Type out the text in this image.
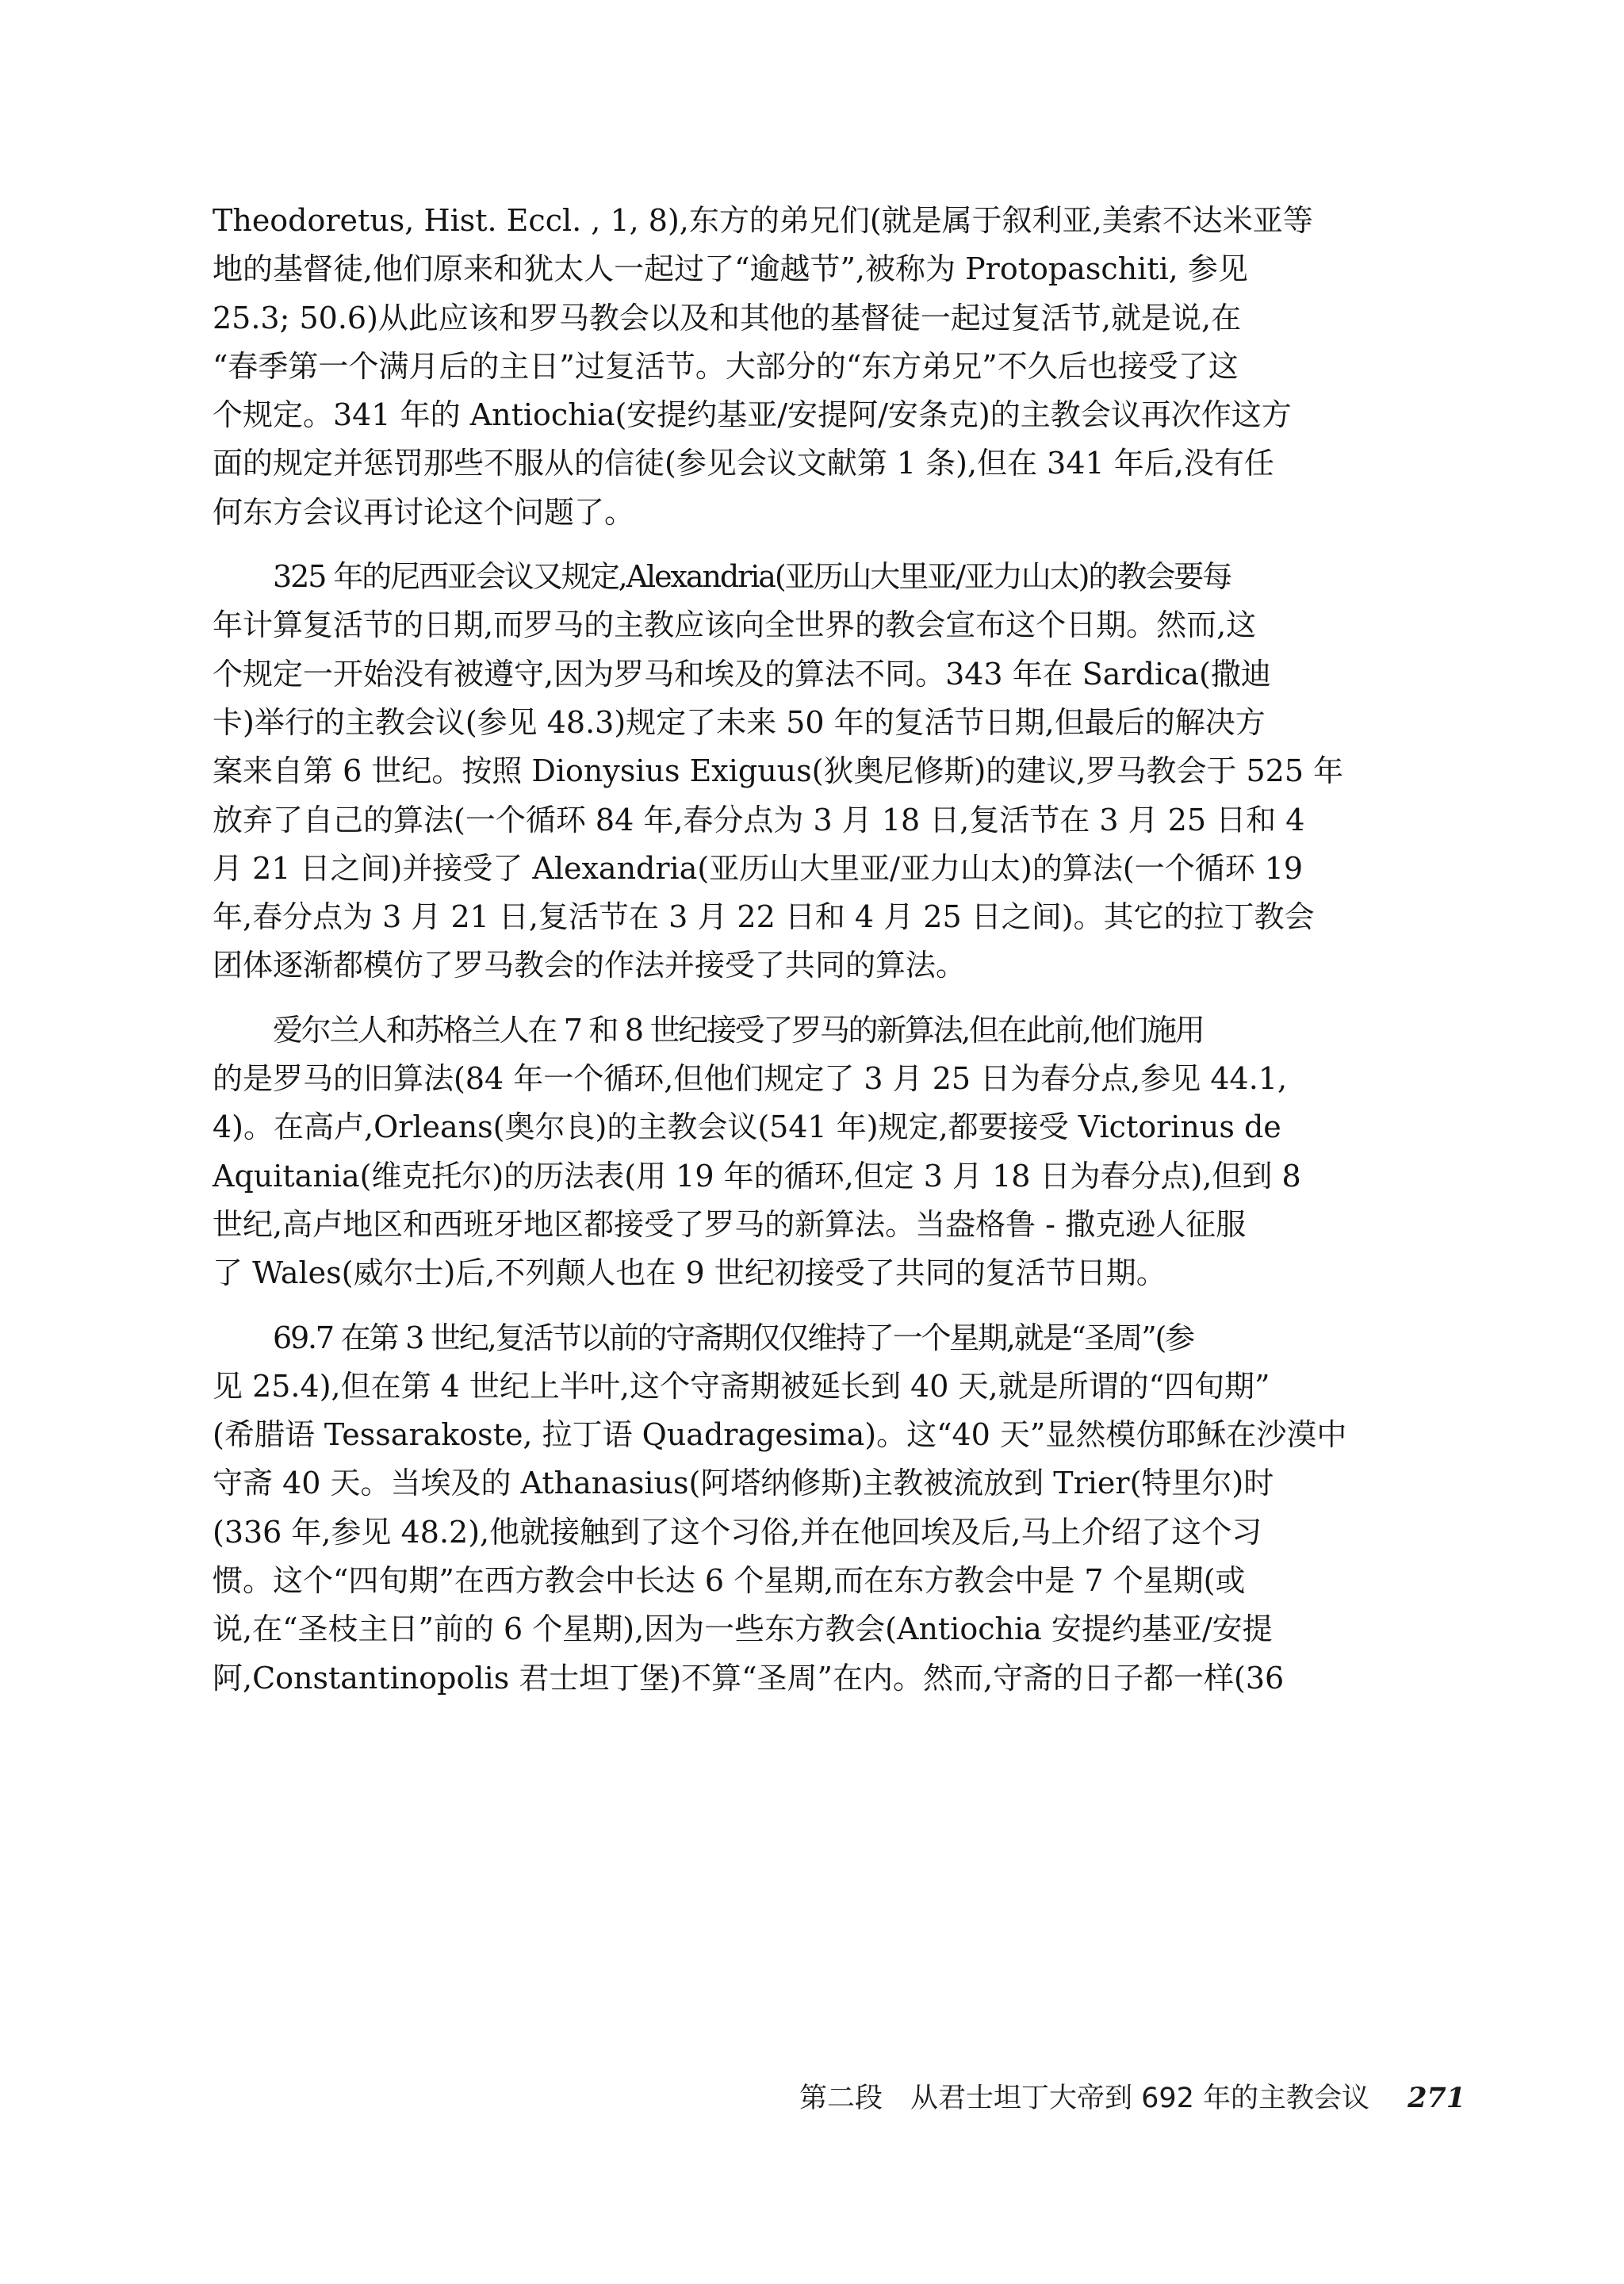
Theodoretus, Hist. Eccl. , 1, 8),东方的弟兄们(就是属于叙利亚,美索不达米亚等
地的基督徒,他们原来和犹太人一起过了“逾越节”,被称为 Protopaschiti, 参见
25.3; 50.6)从此应该和罗马教会以及和其他的基督徒一起过复活节,就是说,在
“春季第一个满月后的主日”过复活节。大部分的“东方弟兄”不久后也接受了这
个规定。341 年的 Antiochia(安提约基亚/安提阿/安条克)的主教会议再次作这方
面的规定并惩罚那些不服从的信徒(参见会议文献第 1 条),但在 341 年后,没有任
何东方会议再讨论这个问题了。
325 年的尼西亚会议又规定,Alexandria(亚历山大里亚/亚力山太)的教会要每
年计算复活节的日期,而罗马的主教应该向全世界的教会宣布这个日期。然而,这
个规定一开始没有被遵守,因为罗马和埃及的算法不同。343 年在 Sardica(撒迪
卡)举行的主教会议(参见 48.3)规定了未来 50 年的复活节日期,但最后的解决方
案来自第 6 世纪。按照 Dionysius Exiguus(狄奥尼修斯)的建议,罗马教会于 525 年
放弃了自己的算法(一个循环 84 年,春分点为 3 月 18 日,复活节在 3 月 25 日和 4
月 21 日之间)并接受了 Alexandria(亚历山大里亚/亚力山太)的算法(一个循环 19
年,春分点为 3 月 21 日,复活节在 3 月 22 日和 4 月 25 日之间)。其它的拉丁教会
团体逐渐都模仿了罗马教会的作法并接受了共同的算法。
爱尔兰人和苏格兰人在 7 和 8 世纪接受了罗马的新算法,但在此前,他们施用
的是罗马的旧算法(84 年一个循环,但他们规定了 3 月 25 日为春分点,参见 44.1,
4)。在高卢,Orleans(奥尔良)的主教会议(541 年)规定,都要接受 Victorinus de
Aquitania(维克托尔)的历法表(用 19 年的循环,但定 3 月 18 日为春分点),但到 8
世纪,高卢地区和西班牙地区都接受了罗马的新算法。当盎格鲁 - 撒克逊人征服
了 Wales(威尔士)后,不列颠人也在 9 世纪初接受了共同的复活节日期。
69.7 在第 3 世纪,复活节以前的守斋期仅仅维持了一个星期,就是“圣周”(参
见 25.4),但在第 4 世纪上半叶,这个守斋期被延长到 40 天,就是所谓的“四旬期”
(希腊语 Tessarakoste, 拉丁语 Quadragesima)。这“40 天”显然模仿耶稣在沙漠中
守斋 40 天。当埃及的 Athanasius(阿塔纳修斯)主教被流放到 Trier(特里尔)时
(336 年,参见 48.2),他就接触到了这个习俗,并在他回埃及后,马上介绍了这个习
惯。这个“四旬期”在西方教会中长达 6 个星期,而在东方教会中是 7 个星期(或
说,在“圣枝主日”前的 6 个星期),因为一些东方教会(Antiochia 安提约基亚/安提
阿,Constantinopolis 君士坦丁堡)不算“圣周”在内。然而,守斋的日子都一样(36
第二段　从君士坦丁大帝到 692 年的主教会议 271
